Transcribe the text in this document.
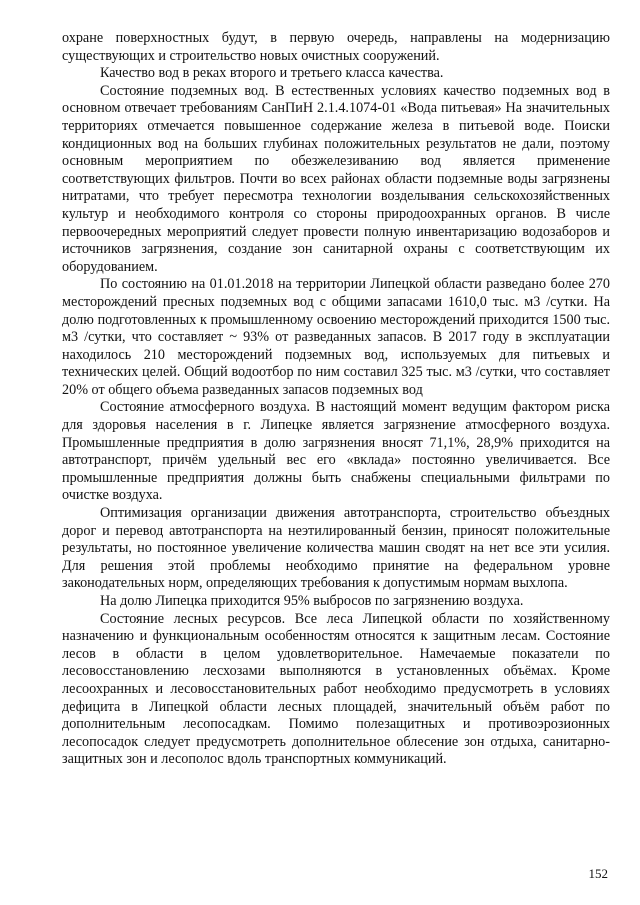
охране поверхностных будут, в первую очередь, направлены на модернизацию существующих и строительство новых очистных сооружений.

Качество вод в реках второго и третьего класса качества.

Состояние подземных вод. В естественных условиях качество подземных вод в основном отвечает требованиям СанПиН 2.1.4.1074-01 «Вода питьевая» На значительных территориях отмечается повышенное содержание железа в питьевой воде. Поиски кондиционных вод на больших глубинах положительных результатов не дали, поэтому основным мероприятием по обезжелезиванию вод является применение соответствующих фильтров. Почти во всех районах области подземные воды загрязнены нитратами, что требует пересмотра технологии возделывания сельскохозяйственных культур и необходимого контроля со стороны природоохранных органов. В числе первоочередных мероприятий следует провести полную инвентаризацию водозаборов и источников загрязнения, создание зон санитарной охраны с соответствующим их оборудованием.

По состоянию на 01.01.2018 на территории Липецкой области разведано более 270 месторождений пресных подземных вод с общими запасами 1610,0 тыс. м3 /сутки. На долю подготовленных к промышленному освоению месторождений приходится 1500 тыс. м3 /сутки, что составляет ~ 93% от разведанных запасов. В 2017 году в эксплуатации находилось 210 месторождений подземных вод, используемых для питьевых и технических целей. Общий водоотбор по ним составил 325 тыс. м3 /сутки, что составляет 20% от общего объема разведанных запасов подземных вод

Состояние атмосферного воздуха. В настоящий момент ведущим фактором риска для здоровья населения в г. Липецке является загрязнение атмосферного воздуха. Промышленные предприятия в долю загрязнения вносят 71,1%, 28,9% приходится на автотранспорт, причём удельный вес его «вклада» постоянно увеличивается. Все промышленные предприятия должны быть снабжены специальными фильтрами по очистке воздуха.

Оптимизация организации движения автотранспорта, строительство объездных дорог и перевод автотранспорта на неэтилированный бензин, приносят положительные результаты, но постоянное увеличение количества машин сводят на нет все эти усилия. Для решения этой проблемы необходимо принятие на федеральном уровне законодательных норм, определяющих требования к допустимым нормам выхлопа.

На долю Липецка приходится 95% выбросов по загрязнению воздуха.

Состояние лесных ресурсов. Все леса Липецкой области по хозяйственному назначению и функциональным особенностям относятся к защитным лесам. Состояние лесов в области в целом удовлетворительное. Намечаемые показатели по лесовосстановлению лесхозами выполняются в установленных объёмах. Кроме лесоохранных и лесовосстановительных работ необходимо предусмотреть в условиях дефицита в Липецкой области лесных площадей, значительный объём работ по дополнительным лесопосадкам. Помимо полезащитных и противоэрозионных лесопосадок следует предусмотреть дополнительное облесение зон отдыха, санитарно-защитных зон и лесополос вдоль транспортных коммуникаций.

152
